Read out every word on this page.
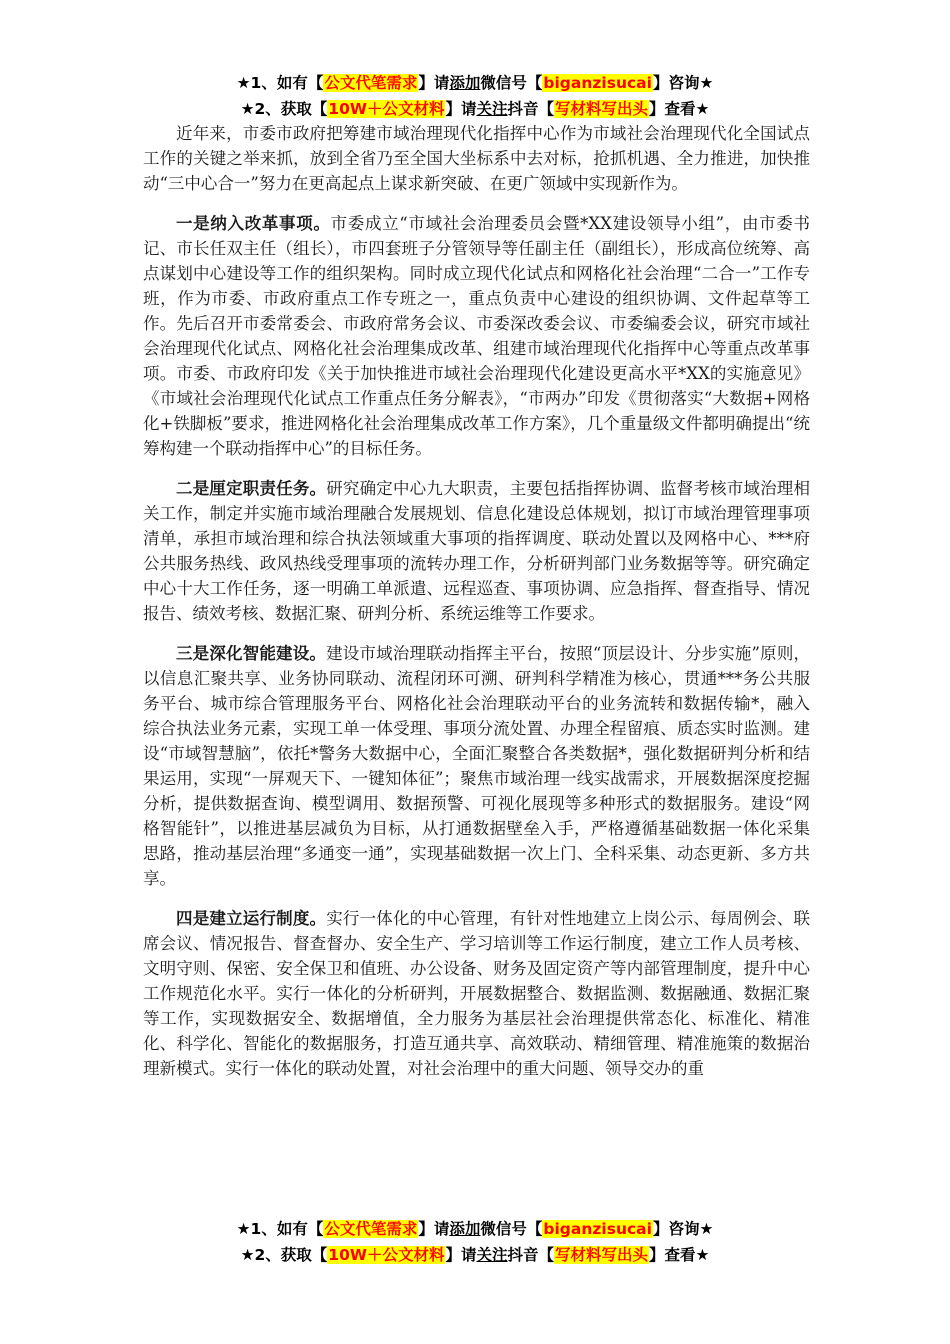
★1、如有【公文代笔需求】请添加微信号【biganzisucai】咨询★
★2、获取【10W＋公文材料】请关注抖音【写材料写出头】查看★

近年来，市委市政府把筹建市域治理现代化指挥中心作为市域社会治理现代化全国试点工作的关键之举来抓，放到全省乃至全国大坐标系中去对标，抢抓机遇、全力推进，加快推动“三中心合一”努力在更高起点上谋求新突破、在更广领域中实现新作为。

一是纳入改革事项。市委成立“市域社会治理委员会暨*XX建设领导小组”，由市委书记、市长任双主任（组长），市四套班子分管领导等任副主任（副组长），形成高位统筹、高点谋划中心建设等工作的组织架构。同时成立现代化试点和网格化社会治理“二合一”工作专班，作为市委、市政府重点工作专班之一，重点负责中心建设的组织协调、文件起草等工作。先后召开市委常委会、市政府常务会议、市委深改委会议、市委编委会议，研究市域社会治理现代化试点、网格化社会治理集成改革、组建市域治理现代化指挥中心等重点改革事项。市委、市政府印发《关于加快推进市域社会治理现代化建设更高水平*XX的实施意见》《市域社会治理现代化试点工作重点任务分解表》，“市两办”印发《贯彻落实“大数据+网格化+铁脚板”要求，推进网格化社会治理集成改革工作方案》，几个重量级文件都明确提出“统筹构建一个联动指挥中心”的目标任务。

二是厘定职责任务。研究确定中心九大职责，主要包括指挥协调、监督考核市域治理相关工作，制定并实施市域治理融合发展规划、信息化建设总体规划，拟订市域治理管理事项清单，承担市域治理和综合执法领域重大事项的指挥调度、联动处置以及网格中心、***府公共服务热线、政风热线受理事项的流转办理工作，分析研判部门业务数据等等。研究确定中心十大工作任务，逐一明确工单派遣、远程巡查、事项协调、应急指挥、督查指导、情况报告、绩效考核、数据汇聚、研判分析、系统运维等工作要求。

三是深化智能建设。建设市域治理联动指挥主平台，按照“顶层设计、分步实施”原则，以信息汇聚共享、业务协同联动、流程闭环可溯、研判科学精准为核心，贯通***务公共服务平台、城市综合管理服务平台、网格化社会治理联动平台的业务流转和数据传输*，融入综合执法业务元素，实现工单一体受理、事项分流处置、办理全程留痕、质态实时监测。建设“市域智慧脑”，依托*警务大数据中心，全面汇聚整合各类数据*，强化数据研判分析和结果运用，实现“一屏观天下、一键知体征”；聚焦市域治理一线实战需求，开展数据深度挖掘分析，提供数据查询、模型调用、数据预警、可视化展现等多种形式的数据服务。建设“网格智能针”，以推进基层减负为目标，从打通数据壁垒入手，严格遵循基础数据一体化采集思路，推动基层治理“多通变一通”，实现基础数据一次上门、全科采集、动态更新、多方共享。

四是建立运行制度。实行一体化的中心管理，有针对性地建立上岗公示、每周例会、联席会议、情况报告、督查督办、安全生产、学习培训等工作运行制度，建立工作人员考核、文明守则、保密、安全保卫和值班、办公设备、财务及固定资产等内部管理制度，提升中心工作规范化水平。实行一体化的分析研判，开展数据整合、数据监测、数据融通、数据汇聚等工作，实现数据安全、数据增值，全力服务为基层社会治理提供常态化、标准化、精准化、科学化、智能化的数据服务，打造互通共享、高效联动、精细管理、精准施策的数据治理新模式。实行一体化的联动处置，对社会治理中的重大问题、领导交办的重

★1、如有【公文代笔需求】请添加微信号【biganzisucai】咨询★
★2、获取【10W＋公文材料】请关注抖音【写材料写出头】查看★
